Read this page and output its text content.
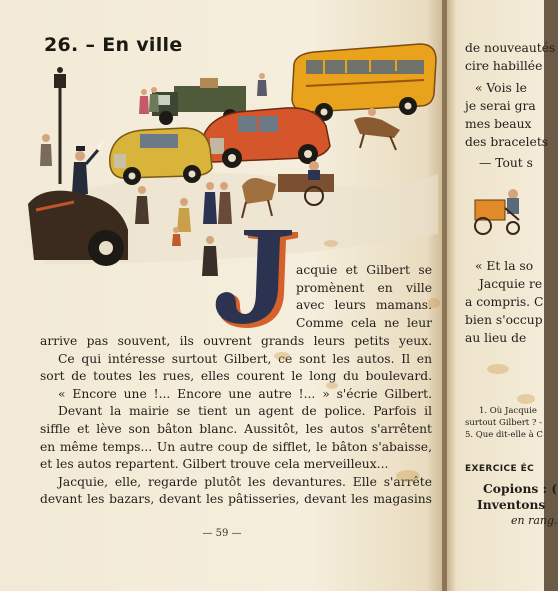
26. – En ville

acquie et Gilbert se

promènent en ville

avec leurs mamans.

Comme cela ne leur

arrive pas souvent, ils ouvrent grands leurs petits yeux.

Ce qui intéresse surtout Gilbert, ce sont les autos. Il en

sort de toutes les rues, elles courent le long du boulevard.

« Encore une !... Encore une autre !... » s'écrie Gilbert.

Devant la mairie se tient un agent de police. Parfois il

siffle et lève son bâton blanc. Aussitôt, les autos s'arrêtent

en même temps... Un autre coup de sifflet, le bâton s'abaisse,

et les autos repartent. Gilbert trouve cela merveilleux...

Jacquie, elle, regarde plutôt les devantures. Elle s'arrête

devant les bazars, devant les pâtisseries, devant les magasins

— 59 —

de nouveautés

cire habillée

« Vois le

je serai gra

mes beaux

des bracelets

— Tout s

« Et la so

Jacquie re

a compris. C

bien s'occup

au lieu de

1. Où Jacquie

surtout Gilbert ? -

5. Que dit-elle à C

EXERCICE ÉC

Copions : (

Inventons

en rang.
